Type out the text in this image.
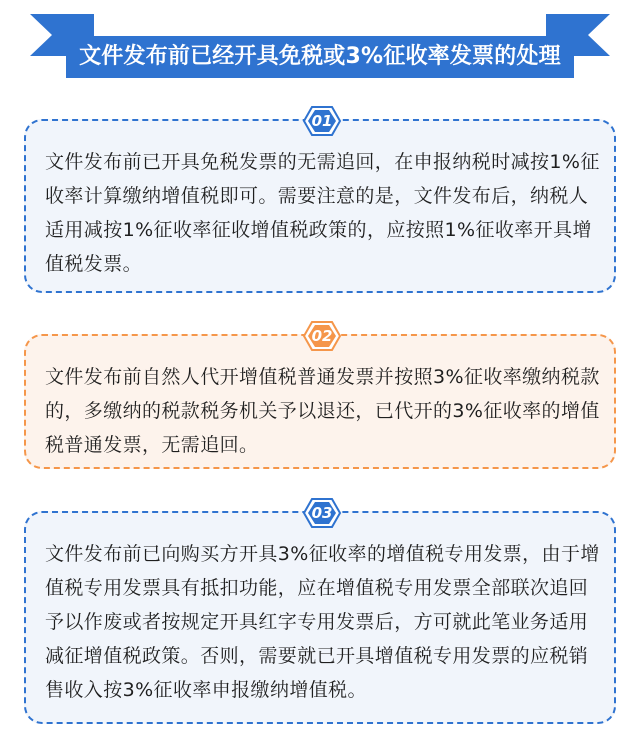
文件发布前已经开具免税或3%征收率发票的处理
01

文件发布前已开具免税发票的无需追回，在申报纳税时减按1%征收率计算缴纳增值税即可。需要注意的是，文件发布后，纳税人适用减按1%征收率征收增值税政策的，应按照1%征收率开具增值税发票。

02

文件发布前自然人代开增值税普通发票并按照3%征收率缴纳税款的，多缴纳的税款税务机关予以退还，已代开的3%征收率的增值税普通发票，无需追回。

03

文件发布前已向购买方开具3%征收率的增值税专用发票，由于增值税专用发票具有抵扣功能，应在增值税专用发票全部联次追回予以作废或者按规定开具红字专用发票后，方可就此笔业务适用减征增值税政策。否则，需要就已开具增值税专用发票的应税销售收入按3%征收率申报缴纳增值税。
